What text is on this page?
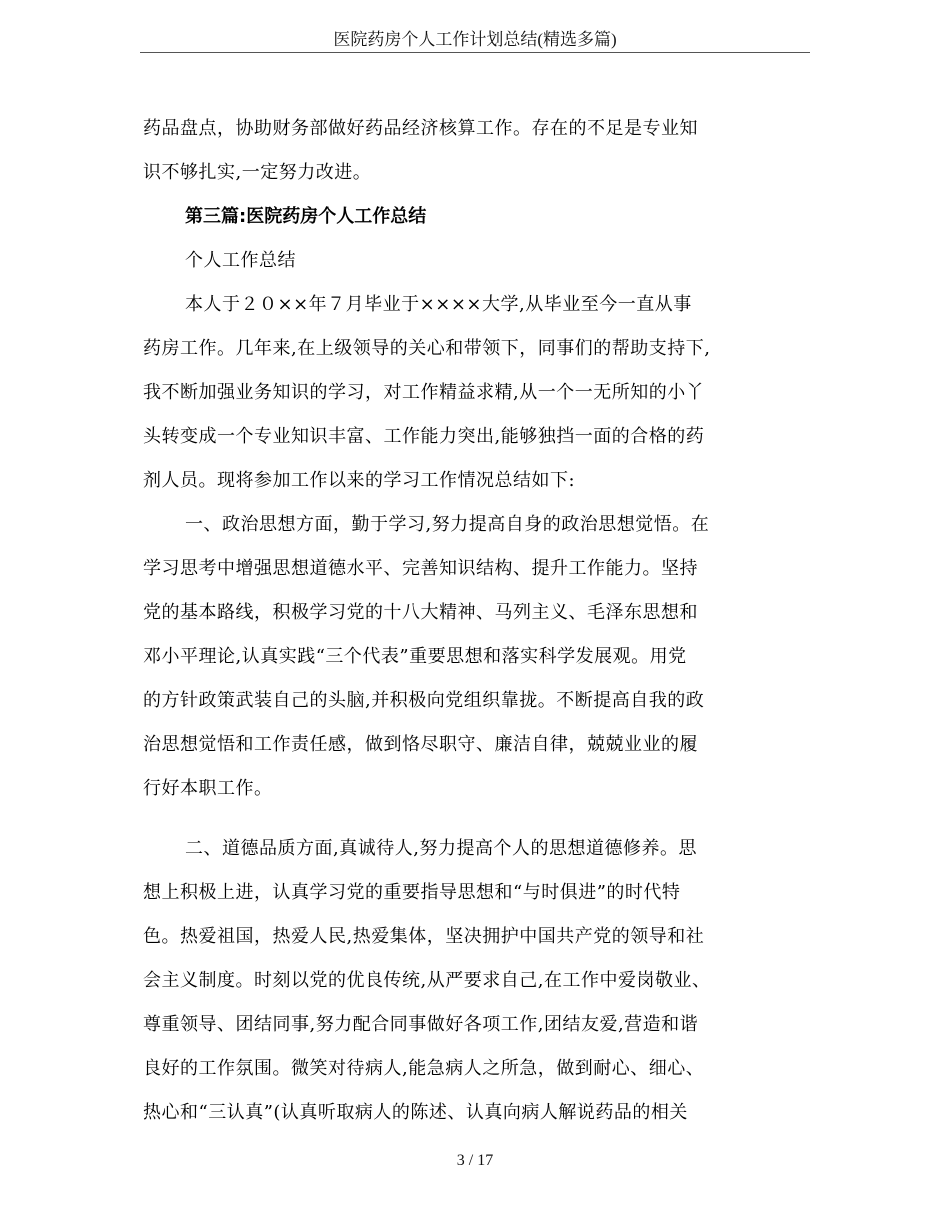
医院药房个人工作计划总结(精选多篇)
药品盘点，协助财务部做好药品经济核算工作。存在的不足是专业知
识不够扎实,一定努力改进。
第三篇:医院药房个人工作总结
个人工作总结
本人于２０××年７月毕业于××××大学,从毕业至今一直从事
药房工作。几年来,在上级领导的关心和带领下，同事们的帮助支持下,
我不断加强业务知识的学习，对工作精益求精,从一个一无所知的小丫
头转变成一个专业知识丰富、工作能力突出,能够独挡一面的合格的药
剂人员。现将参加工作以来的学习工作情况总结如下:
一、政治思想方面，勤于学习,努力提高自身的政治思想觉悟。在
学习思考中增强思想道德水平、完善知识结构、提升工作能力。坚持
党的基本路线，积极学习党的十八大精神、马列主义、毛泽东思想和
邓小平理论,认真实践“三个代表”重要思想和落实科学发展观。用党
的方针政策武装自己的头脑,并积极向党组织靠拢。不断提高自我的政
治思想觉悟和工作责任感，做到恪尽职守、廉洁自律，兢兢业业的履
行好本职工作。
二、道德品质方面,真诚待人,努力提高个人的思想道德修养。思
想上积极上进，认真学习党的重要指导思想和“与时俱进”的时代特
色。热爱祖国，热爱人民,热爱集体，坚决拥护中国共产党的领导和社
会主义制度。时刻以党的优良传统,从严要求自己,在工作中爱岗敬业、
尊重领导、团结同事,努力配合同事做好各项工作,团结友爱,营造和谐
良好的工作氛围。微笑对待病人,能急病人之所急，做到耐心、细心、
热心和“三认真”(认真听取病人的陈述、认真向病人解说药品的相关
3 / 17
